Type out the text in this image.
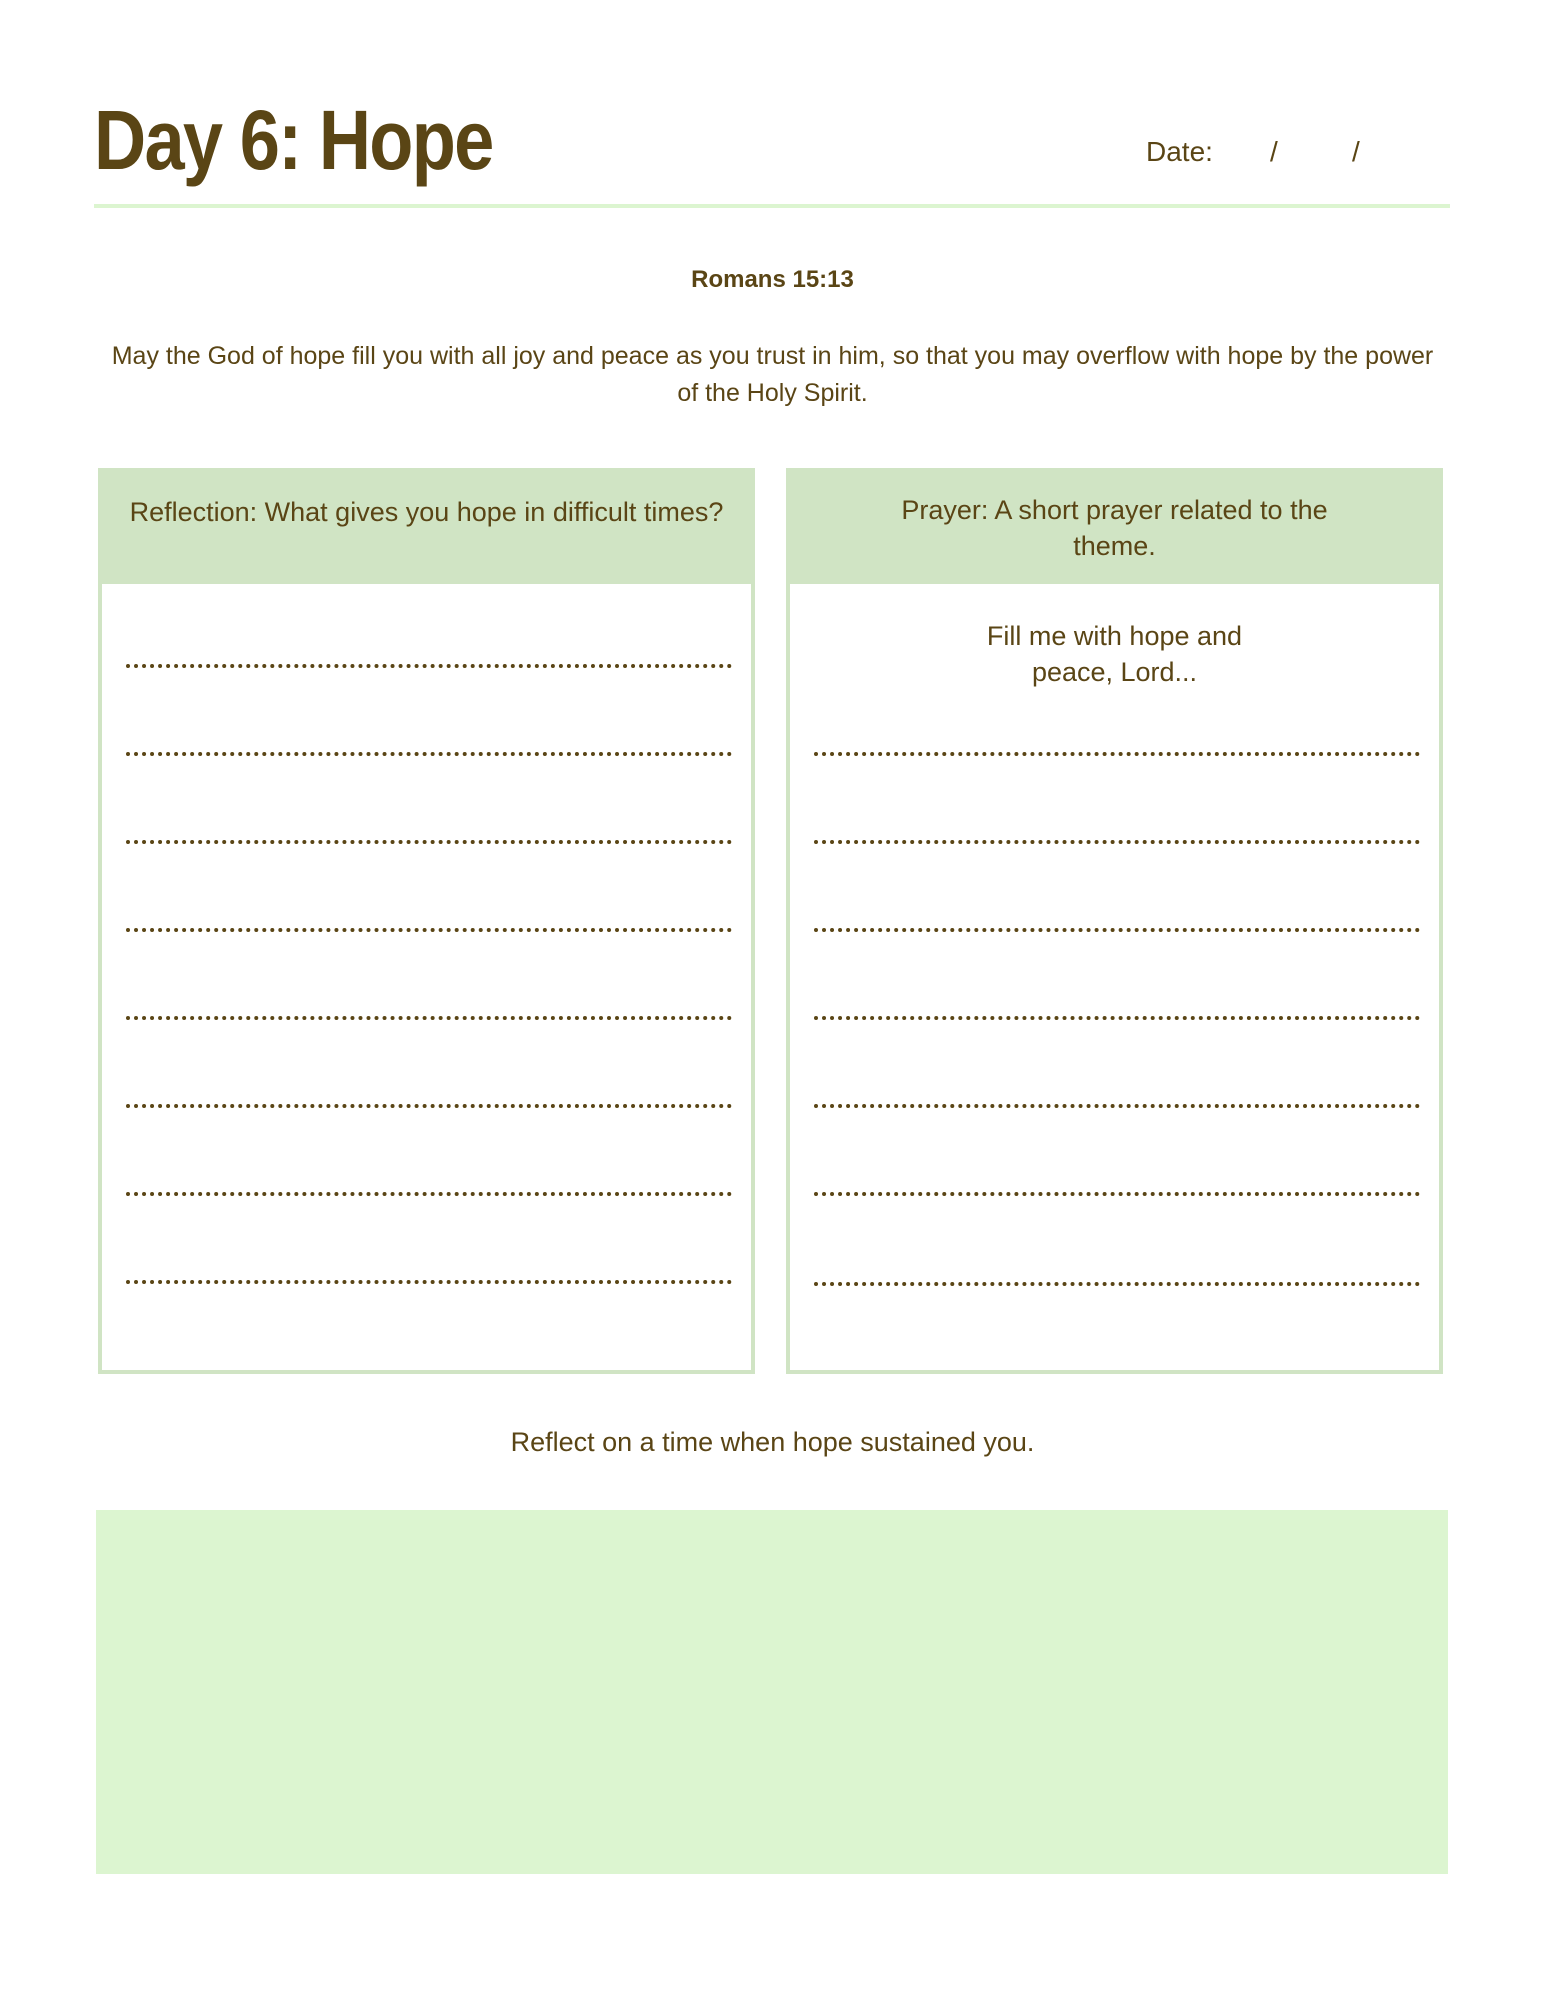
Day 6: Hope	Date: /	/
Romans 15:13
May the God of hope fill you with all joy and peace as you trust in him, so that you may overflow with hope by the power of the Holy Spirit.
Reflection: What gives you hope in difficult times?	Prayer: A short prayer related to the theme.
Fill me with hope and peace, Lord...
Reflect on a time when hope sustained you.
